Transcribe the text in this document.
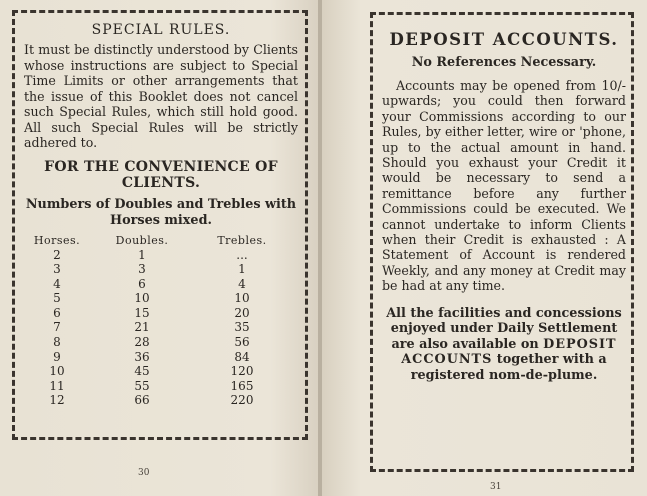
SPECIAL RULES.
It must be distinctly understood by Clients whose instructions are subject to Special Time Limits or other arrangements that the issue of this Booklet does not cancel such Special Rules, which still hold good. All such Special Rules will be strictly adhered to.
FOR THE CONVENIENCE OF CLIENTS.
Numbers of Doubles and Trebles with Horses mixed.
Horses.	Doubles.	Trebles.
2	1	...
3	3	1
4	6	4
5	10	10
6	15	20
7	21	35
8	28	56
9	36	84
10	45	120
11	55	165
12	66	220
30
DEPOSIT ACCOUNTS.
No References Necessary.
Accounts may be opened from 10/- upwards; you could then forward your Commissions according to our Rules, by either letter, wire or 'phone, up to the actual amount in hand. Should you exhaust your Credit it would be necessary to send a remittance before any further Commissions could be executed. We cannot undertake to inform Clients when their Credit is exhausted : A Statement of Account is rendered Weekly, and any money at Credit may be had at any time.
All the facilities and concessions enjoyed under Daily Settlement are also available on DEPOSIT ACCOUNTS together with a registered nom-de-plume.
31
